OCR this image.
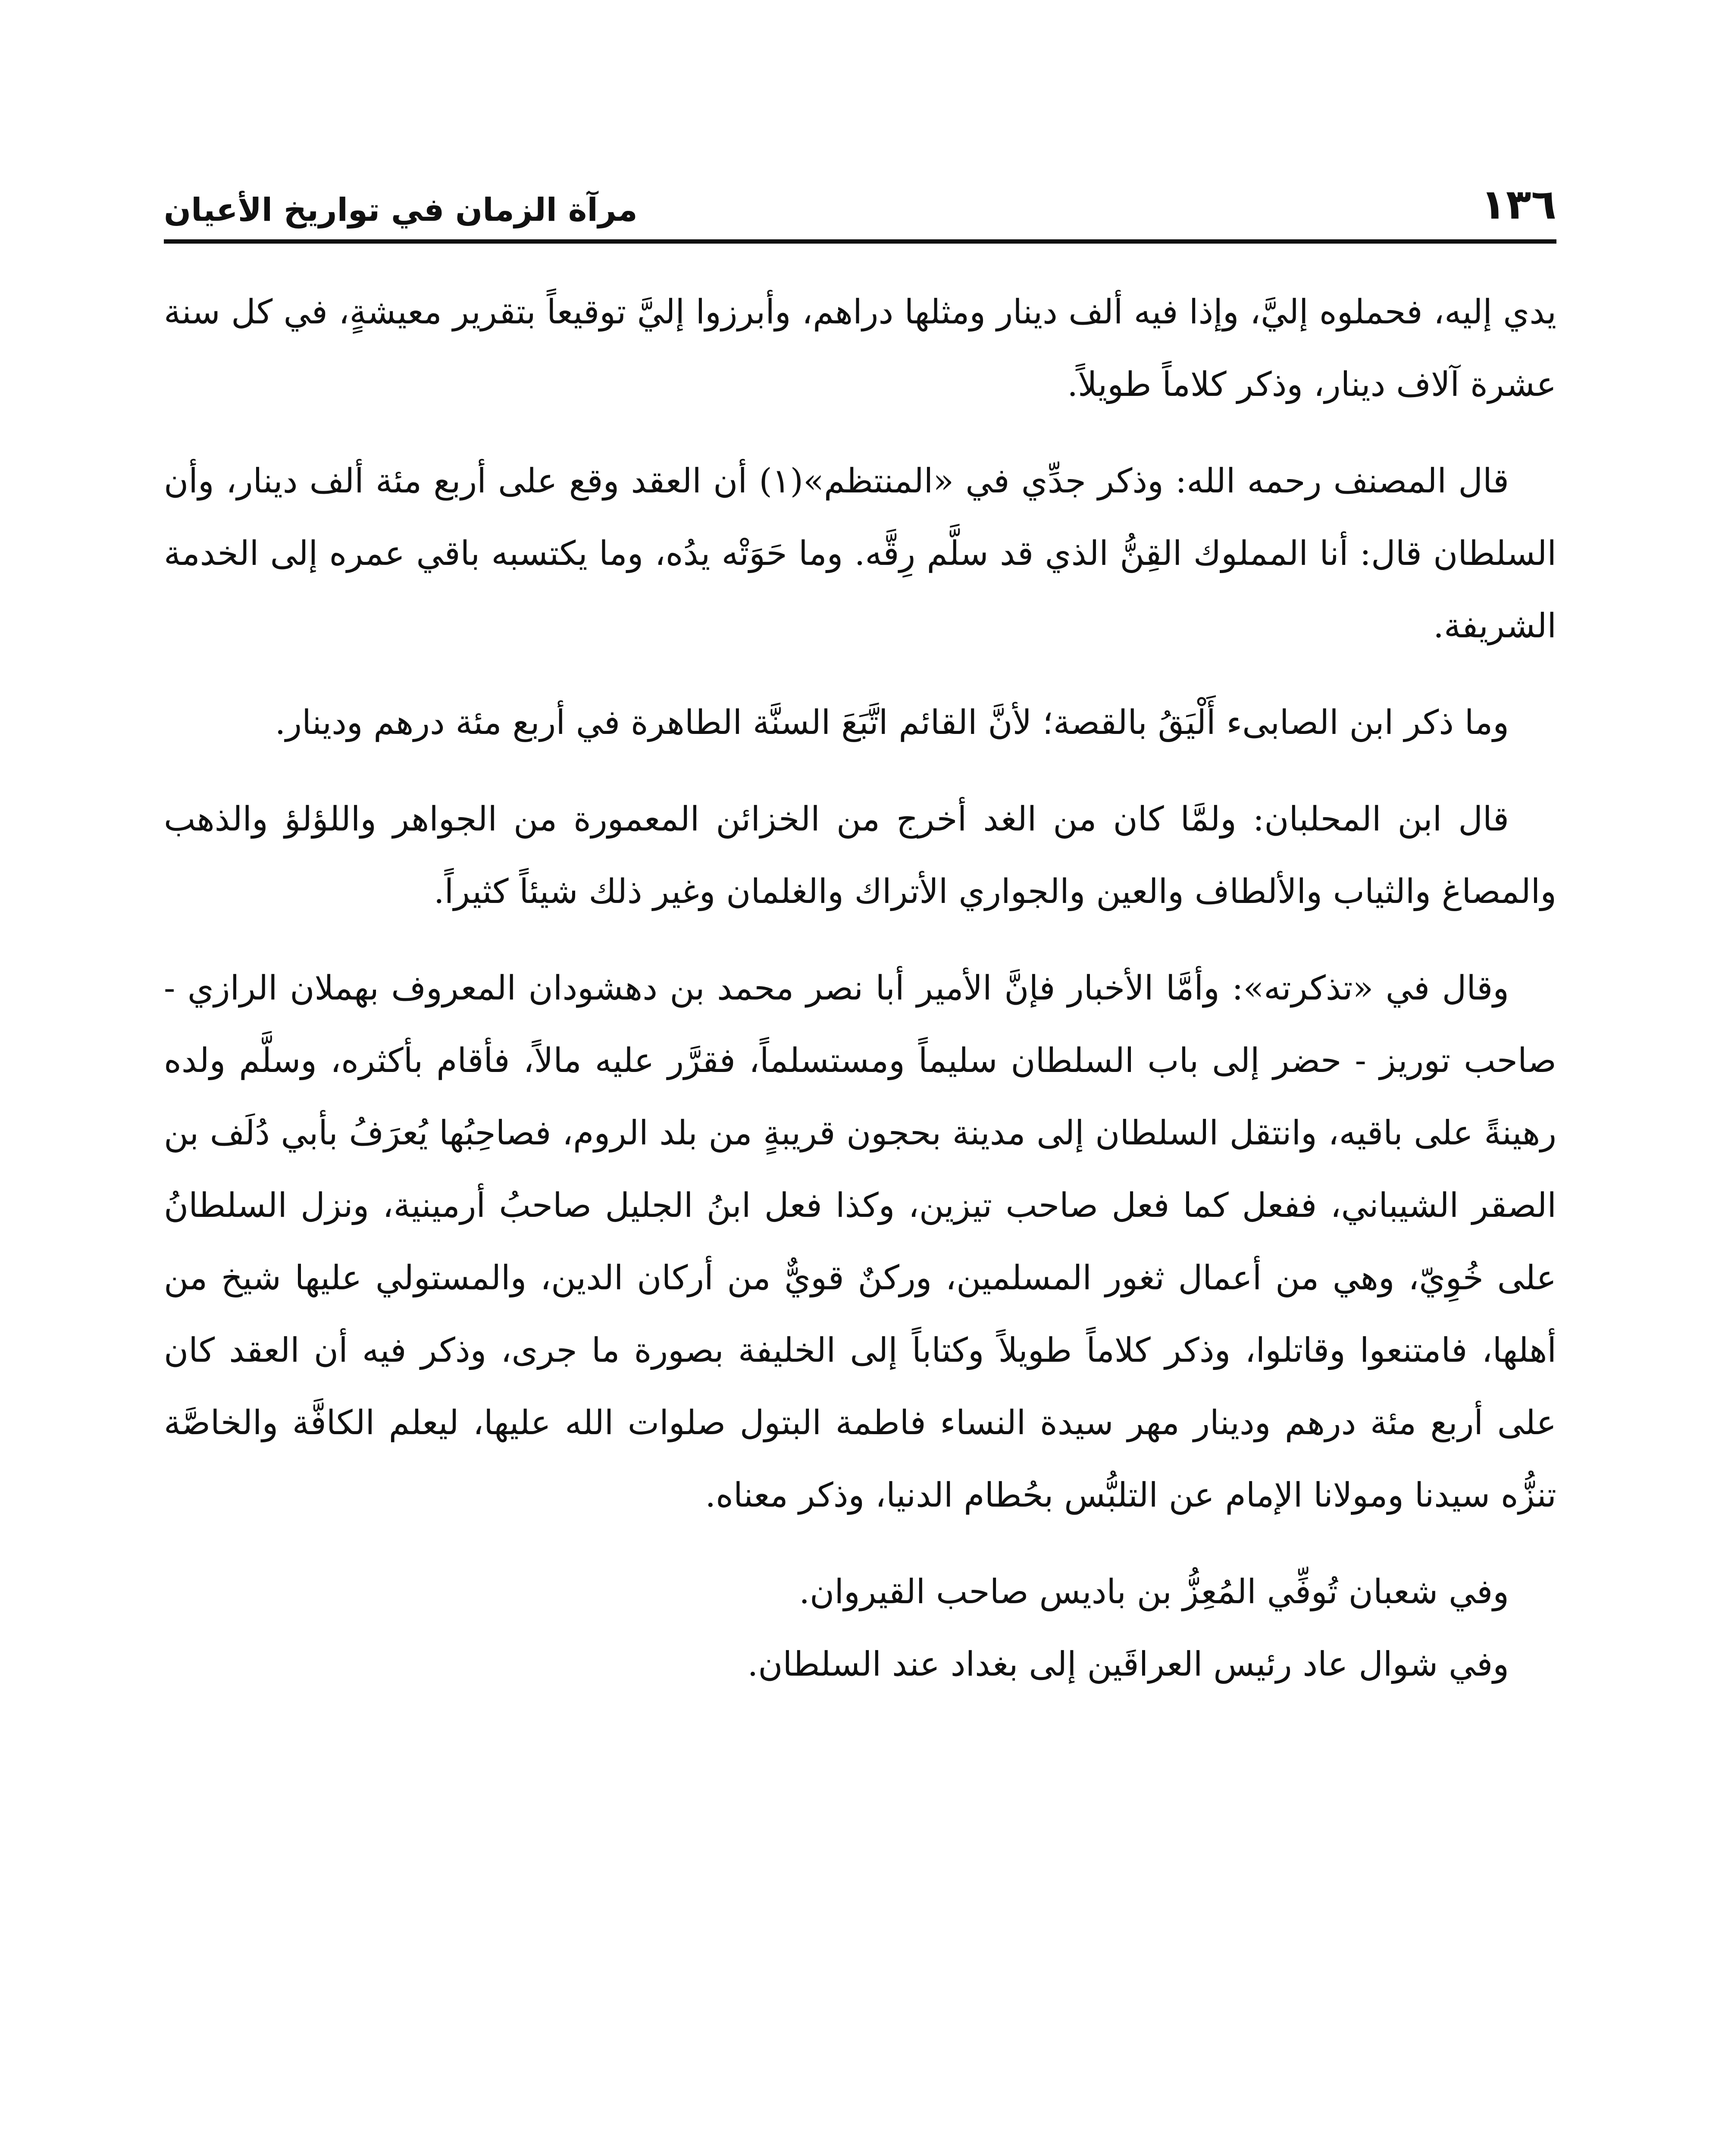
١٣٦
مرآة الزمان في تواريخ الأعيان

يدي إليه، فحملوه إليَّ، وإذا فيه ألف دينار ومثلها دراهم، وأبرزوا إليَّ توقيعاً بتقرير معيشةٍ، في كل سنة عشرة آلاف دينار، وذكر كلاماً طويلاً.

قال المصنف رحمه الله: وذكر جدِّي في «المنتظم»(١) أن العقد وقع على أربع مئة ألف دينار، وأن السلطان قال: أنا المملوك القِنُّ الذي قد سلَّم رِقَّه. وما حَوَتْه يدُه، وما يكتسبه باقي عمره إلى الخدمة الشريفة.

وما ذكر ابن الصابىء أَلْيَقُ بالقصة؛ لأنَّ القائم اتَّبَعَ السنَّة الطاهرة في أربع مئة درهم ودينار.

قال ابن المحلبان: ولمَّا كان من الغد أخرج من الخزائن المعمورة من الجواهر واللؤلؤ والذهب والمصاغ والثياب والألطاف والعين والجواري الأتراك والغلمان وغير ذلك شيئاً كثيراً.

وقال في «تذكرته»: وأمَّا الأخبار فإنَّ الأمير أبا نصر محمد بن دهشودان المعروف بهملان الرازي - صاحب توريز - حضر إلى باب السلطان سليماً ومستسلماً، فقرَّر عليه مالاً، فأقام بأكثره، وسلَّم ولده رهينةً على باقيه، وانتقل السلطان إلى مدينة بحجون قريبةٍ من بلد الروم، فصاحِبُها يُعرَفُ بأبي دُلَف بن الصقر الشيباني، ففعل كما فعل صاحب تيزين، وكذا فعل ابنُ الجليل صاحبُ أرمينية، ونزل السلطانُ على خُوِيّ، وهي من أعمال ثغور المسلمين، وركنٌ قويٌّ من أركان الدين، والمستولي عليها شيخ من أهلها، فامتنعوا وقاتلوا، وذكر كلاماً طويلاً وكتاباً إلى الخليفة بصورة ما جرى، وذكر فيه أن العقد كان على أربع مئة درهم ودينار مهر سيدة النساء فاطمة البتول صلوات الله عليها، ليعلم الكافَّة والخاصَّة تنزُّه سيدنا ومولانا الإمام عن التلبُّس بحُطام الدنيا، وذكر معناه.

وفي شعبان تُوفِّي المُعِزُّ بن باديس صاحب القيروان.

وفي شوال عاد رئيس العراقَين إلى بغداد عند السلطان.
